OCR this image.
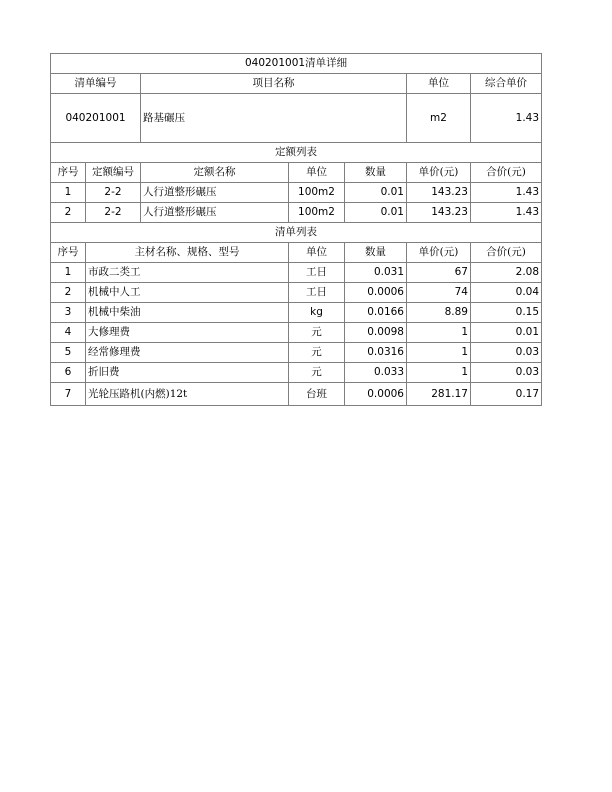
040201001清单详细						
清单编号		项目名称			单位	综合单价
040201001		路基碾压			m2	1.43
定额列表						
序号	定额编号	定额名称	单位	数量	单价(元)	合价(元)
1	2-2	人行道整形碾压	100m2	0.01	143.23	1.43
2	2-2	人行道整形碾压	100m2	0.01	143.23	1.43
清单列表						
序号	主材名称、规格、型号		单位	数量	单价(元)	合价(元)
1	市政二类工		工日	0.031	67	2.08
2	机械中人工		工日	0.0006	74	0.04
3	机械中柴油		kg	0.0166	8.89	0.15
4	大修理费		元	0.0098	1	0.01
5	经常修理费		元	0.0316	1	0.03
6	折旧费		元	0.033	1	0.03
7	光轮压路机(内燃)12t		台班	0.0006	281.17	0.17
